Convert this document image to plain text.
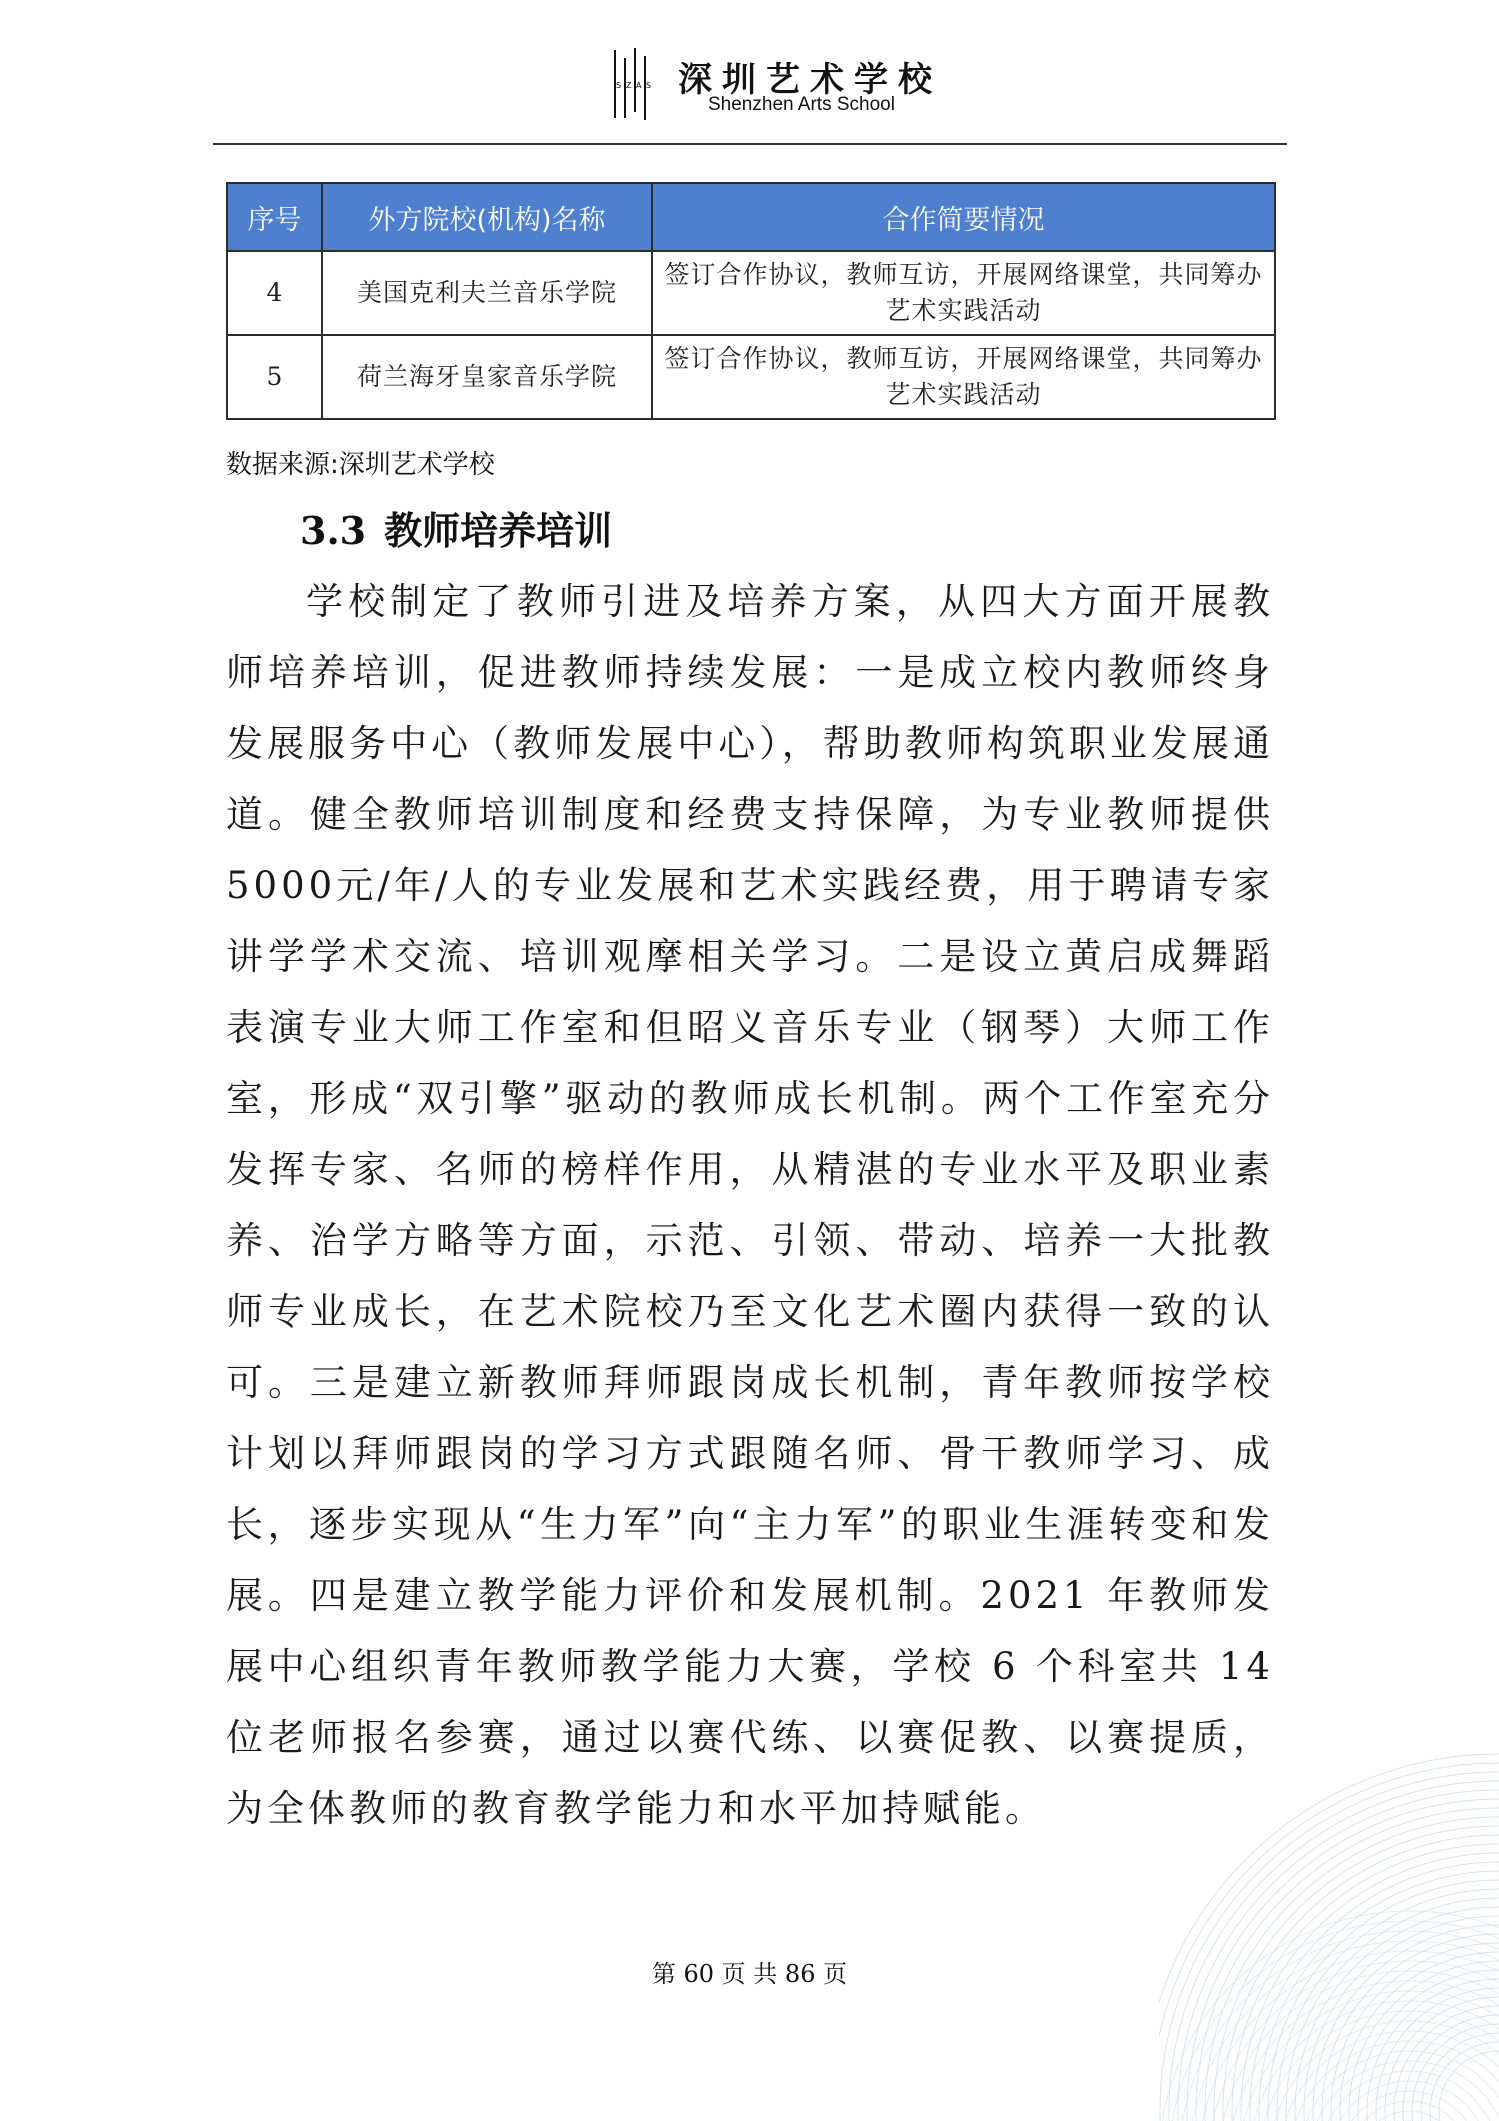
S Z A S 深圳艺术学校
Shenzhen Arts School
序号	外方院校(机构)名称	合作简要情况
4	美国克利夫兰音乐学院	签订合作协议，教师互访，开展网络课堂，共同筹办艺术实践活动
5	荷兰海牙皇家音乐学院	签订合作协议，教师互访，开展网络课堂，共同筹办艺术实践活动
数据来源:深圳艺术学校
3.3 教师培养培训

学校制定了教师引进及培养方案，从四大方面开展教师培养培训，促进教师持续发展：一是成立校内教师终身发展服务中心（教师发展中心），帮助教师构筑职业发展通道。健全教师培训制度和经费支持保障，为专业教师提供 5000元/年/人的专业发展和艺术实践经费，用于聘请专家讲学学术交流、培训观摩相关学习。二是设立黄启成舞蹈表演专业大师工作室和但昭义音乐专业（钢琴）大师工作室，形成“双引擎”驱动的教师成长机制。两个工作室充分发挥专家、名师的榜样作用，从精湛的专业水平及职业素养、治学方略等方面，示范、引领、带动、培养一大批教师专业成长，在艺术院校乃至文化艺术圈内获得一致的认可。三是建立新教师拜师跟岗成长机制，青年教师按学校计划以拜师跟岗的学习方式跟随名师、骨干教师学习、成长，逐步实现从“生力军”向“主力军”的职业生涯转变和发展。四是建立教学能力评价和发展机制。2021 年教师发展中心组织青年教师教学能力大赛，学校 6 个科室共 14 位老师报名参赛，通过以赛代练、以赛促教、以赛提质，为全体教师的教育教学能力和水平加持赋能。

第 60 页 共 86 页
